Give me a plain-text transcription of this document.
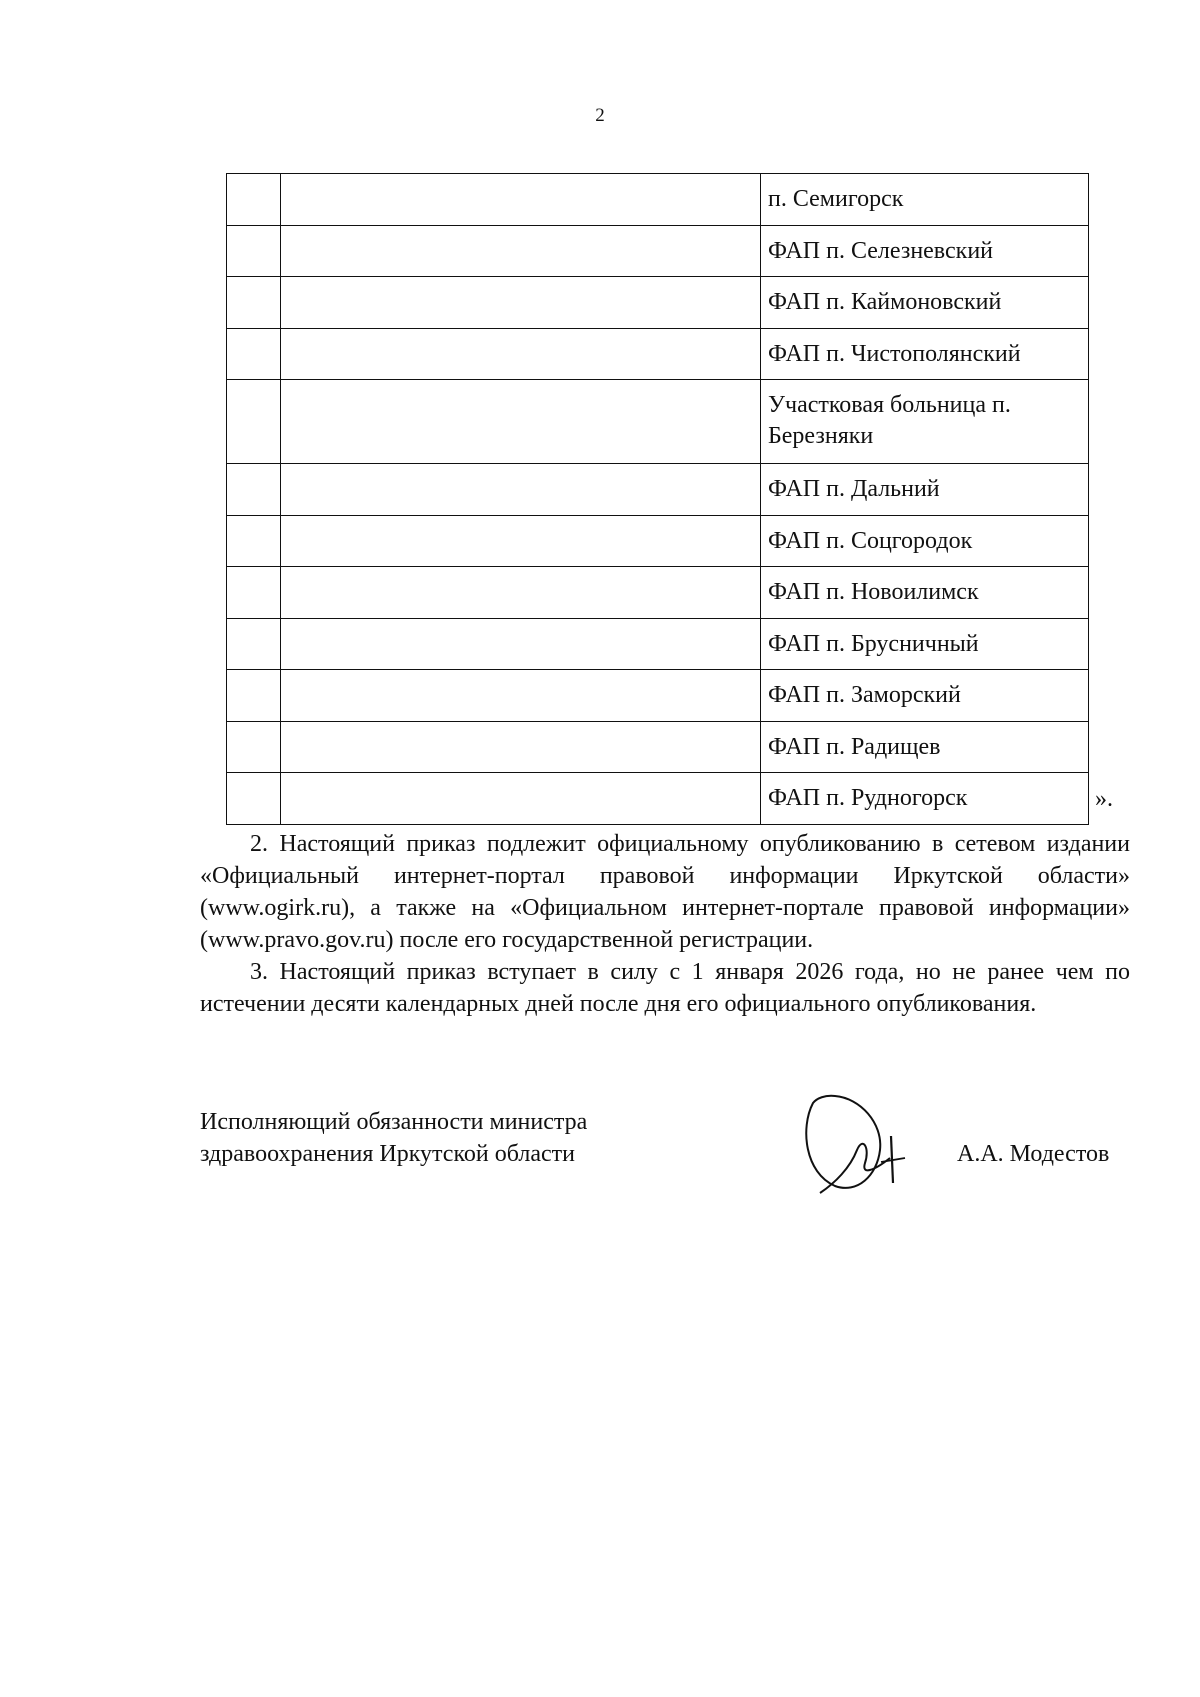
2

		п. Семигорск

		ФАП п. Селезневский

		ФАП п. Каймоновский

		ФАП п. Чистополянский

		Участковая больница п. Березняки

		ФАП п. Дальний

		ФАП п. Соцгородок

		ФАП п. Новоилимск

		ФАП п. Брусничный

		ФАП п. Заморский

		ФАП п. Радищев

		ФАП п. Рудногорск	».

2. Настоящий приказ подлежит официальному опубликованию в сетевом издании «Официальный интернет-портал правовой информации Иркутской области» (www.ogirk.ru), а также на «Официальном интернет-портале правовой информации» (www.pravo.gov.ru) после его государственной регистрации.

3. Настоящий приказ вступает в силу с 1 января 2026 года, но не ранее чем по истечении десяти календарных дней после дня его официального опубликования.

Исполняющий обязанности министра
здравоохранения Иркутской области	А.А. Модестов
